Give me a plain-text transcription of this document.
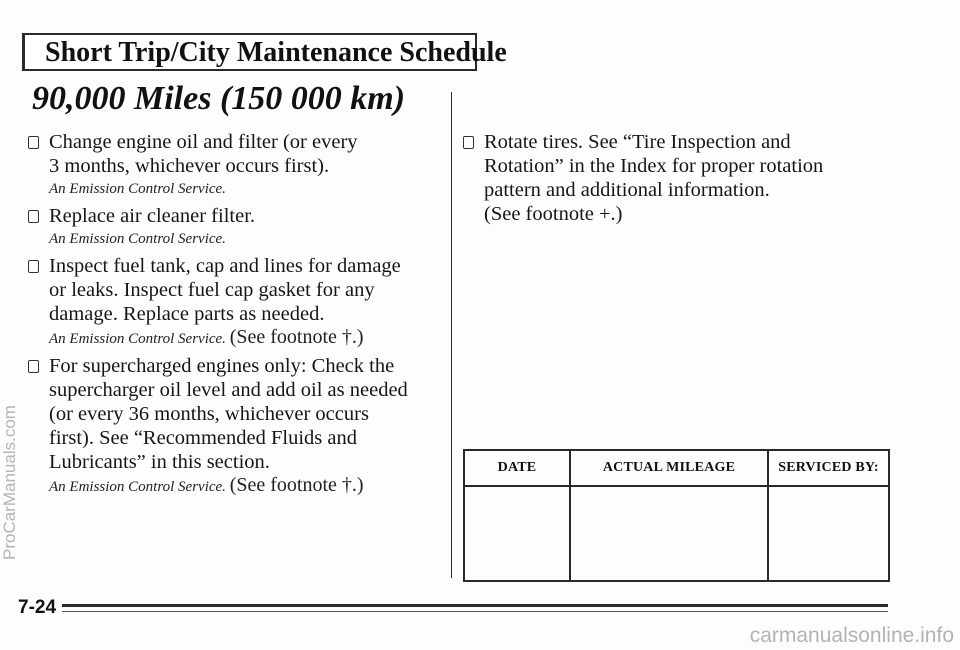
Short Trip/City Maintenance Schedule
90,000 Miles (150 000 km)
Change engine oil and filter (or every
3 months, whichever occurs first).
An Emission Control Service.
Replace air cleaner filter.
An Emission Control Service.
Inspect fuel tank, cap and lines for damage
or leaks. Inspect fuel cap gasket for any
damage. Replace parts as needed.
An Emission Control Service. (See footnote †.)
For supercharged engines only: Check the
supercharger oil level and add oil as needed
(or every 36 months, whichever occurs
first). See “Recommended Fluids and
Lubricants” in this section.
An Emission Control Service. (See footnote †.)
Rotate tires. See “Tire Inspection and
Rotation” in the Index for proper rotation
pattern and additional information.
(See footnote +.)
DATE	ACTUAL MILEAGE	SERVICED BY:

7-24
ProCarManuals.com
carmanualsonline.info
